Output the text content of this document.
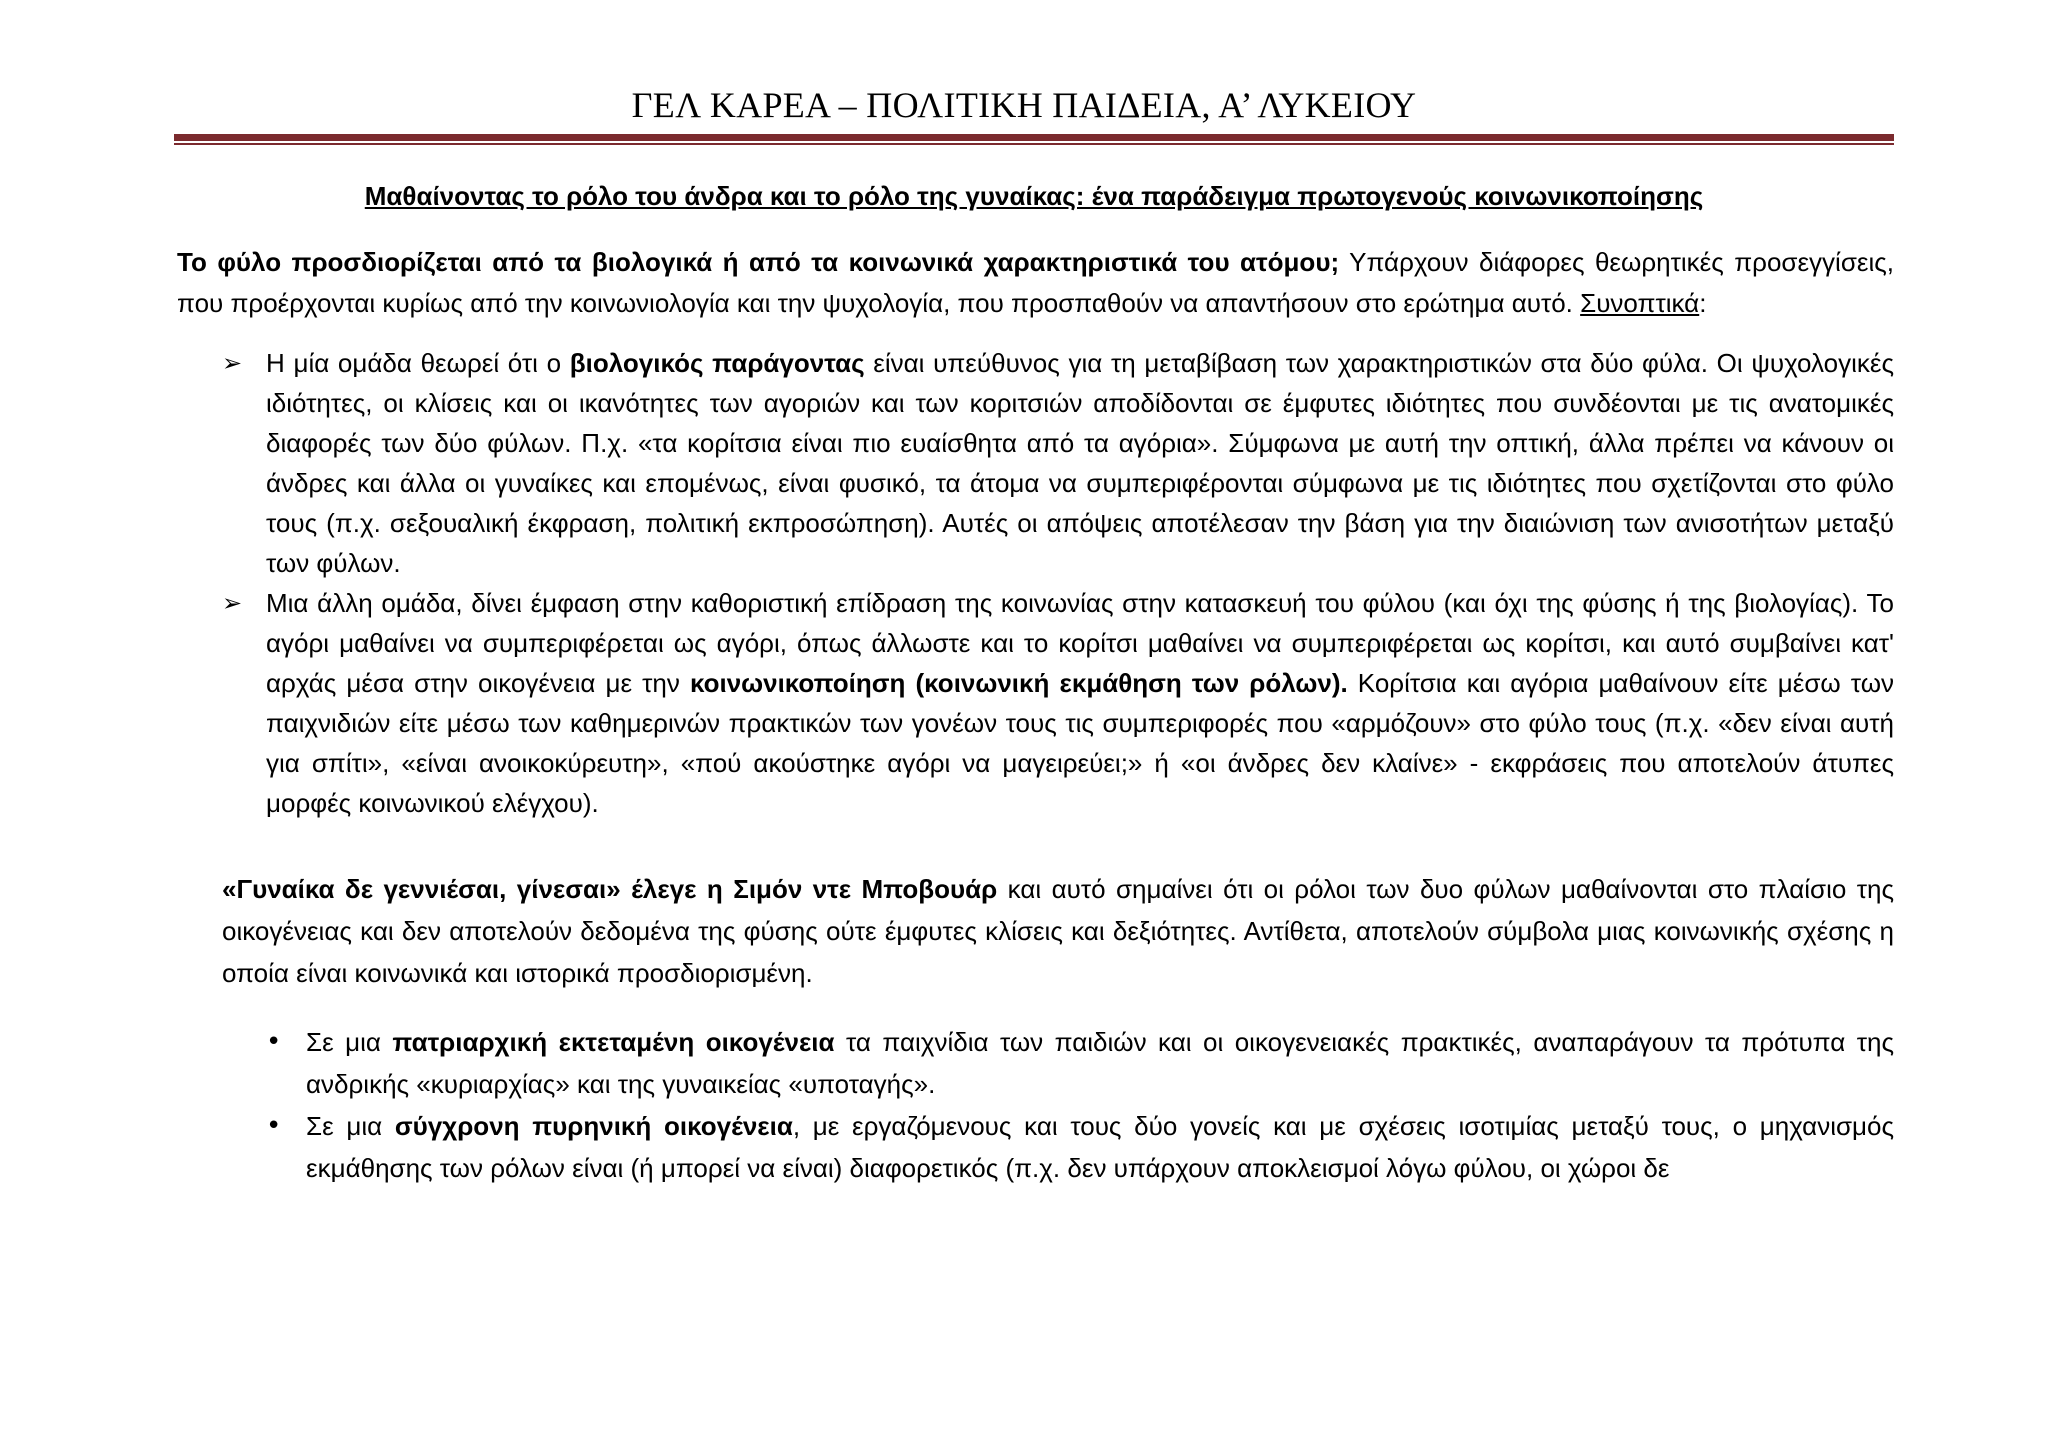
ΓΕΛ ΚΑΡΕΑ – ΠΟΛΙΤΙΚΗ ΠΑΙΔΕΙΑ, Α’ ΛΥΚΕΙΟΥ
Μαθαίνοντας το ρόλο του άνδρα και το ρόλο της γυναίκας: ένα παράδειγμα πρωτογενούς κοινωνικοποίησης
Το φύλο προσδιορίζεται από τα βιολογικά ή από τα κοινωνικά χαρακτηριστικά του ατόμου; Υπάρχουν διάφορες θεωρητικές προσεγγίσεις, που προέρχονται κυρίως από την κοινωνιολογία και την ψυχολογία, που προσπαθούν να απαντήσουν στο ερώτημα αυτό. Συνοπτικά:
➢ Η μία ομάδα θεωρεί ότι ο βιολογικός παράγοντας είναι υπεύθυνος για τη μεταβίβαση των χαρακτηριστικών στα δύο φύλα. Οι ψυχολογικές ιδιότητες, οι κλίσεις και οι ικανότητες των αγοριών και των κοριτσιών αποδίδονται σε έμφυτες ιδιότητες που συνδέονται με τις ανατομικές διαφορές των δύο φύλων. Π.χ. «τα κορίτσια είναι πιο ευαίσθητα από τα αγόρια». Σύμφωνα με αυτή την οπτική, άλλα πρέπει να κάνουν οι άνδρες και άλλα οι γυναίκες και επομένως, είναι φυσικό, τα άτομα να συμπεριφέρονται σύμφωνα με τις ιδιότητες που σχετίζονται στο φύλο τους (π.χ. σεξουαλική έκφραση, πολιτική εκπροσώπηση). Αυτές οι απόψεις αποτέλεσαν την βάση για την διαιώνιση των ανισοτήτων μεταξύ των φύλων.
➢ Μια άλλη ομάδα, δίνει έμφαση στην καθοριστική επίδραση της κοινωνίας στην κατασκευή του φύλου (και όχι της φύσης ή της βιολογίας). Το αγόρι μαθαίνει να συμπεριφέρεται ως αγόρι, όπως άλλωστε και το κορίτσι μαθαίνει να συμπεριφέρεται ως κορίτσι, και αυτό συμβαίνει κατ' αρχάς μέσα στην οικογένεια με την κοινωνικοποίηση (κοινωνική εκμάθηση των ρόλων). Κορίτσια και αγόρια μαθαίνουν είτε μέσω των παιχνιδιών είτε μέσω των καθημερινών πρακτικών των γονέων τους τις συμπεριφορές που «αρμόζουν» στο φύλο τους (π.χ. «δεν είναι αυτή για σπίτι», «είναι ανοικοκύρευτη», «πού ακούστηκε αγόρι να μαγειρεύει;» ή «οι άνδρες δεν κλαίνε» - εκφράσεις που αποτελούν άτυπες μορφές κοινωνικού ελέγχου).
«Γυναίκα δε γεννιέσαι, γίνεσαι» έλεγε η Σιμόν ντε Μποβουάρ και αυτό σημαίνει ότι οι ρόλοι των δυο φύλων μαθαίνονται στο πλαίσιο της οικογένειας και δεν αποτελούν δεδομένα της φύσης ούτε έμφυτες κλίσεις και δεξιότητες. Αντίθετα, αποτελούν σύμβολα μιας κοινωνικής σχέσης η οποία είναι κοινωνικά και ιστορικά προσδιορισμένη.
• Σε μια πατριαρχική εκτεταμένη οικογένεια τα παιχνίδια των παιδιών και οι οικογενειακές πρακτικές, αναπαράγουν τα πρότυπα της ανδρικής «κυριαρχίας» και της γυναικείας «υποταγής».
• Σε μια σύγχρονη πυρηνική οικογένεια, με εργαζόμενους και τους δύο γονείς και με σχέσεις ισοτιμίας μεταξύ τους, ο μηχανισμός εκμάθησης των ρόλων είναι (ή μπορεί να είναι) διαφορετικός (π.χ. δεν υπάρχουν αποκλεισμοί λόγω φύλου, οι χώροι δε
